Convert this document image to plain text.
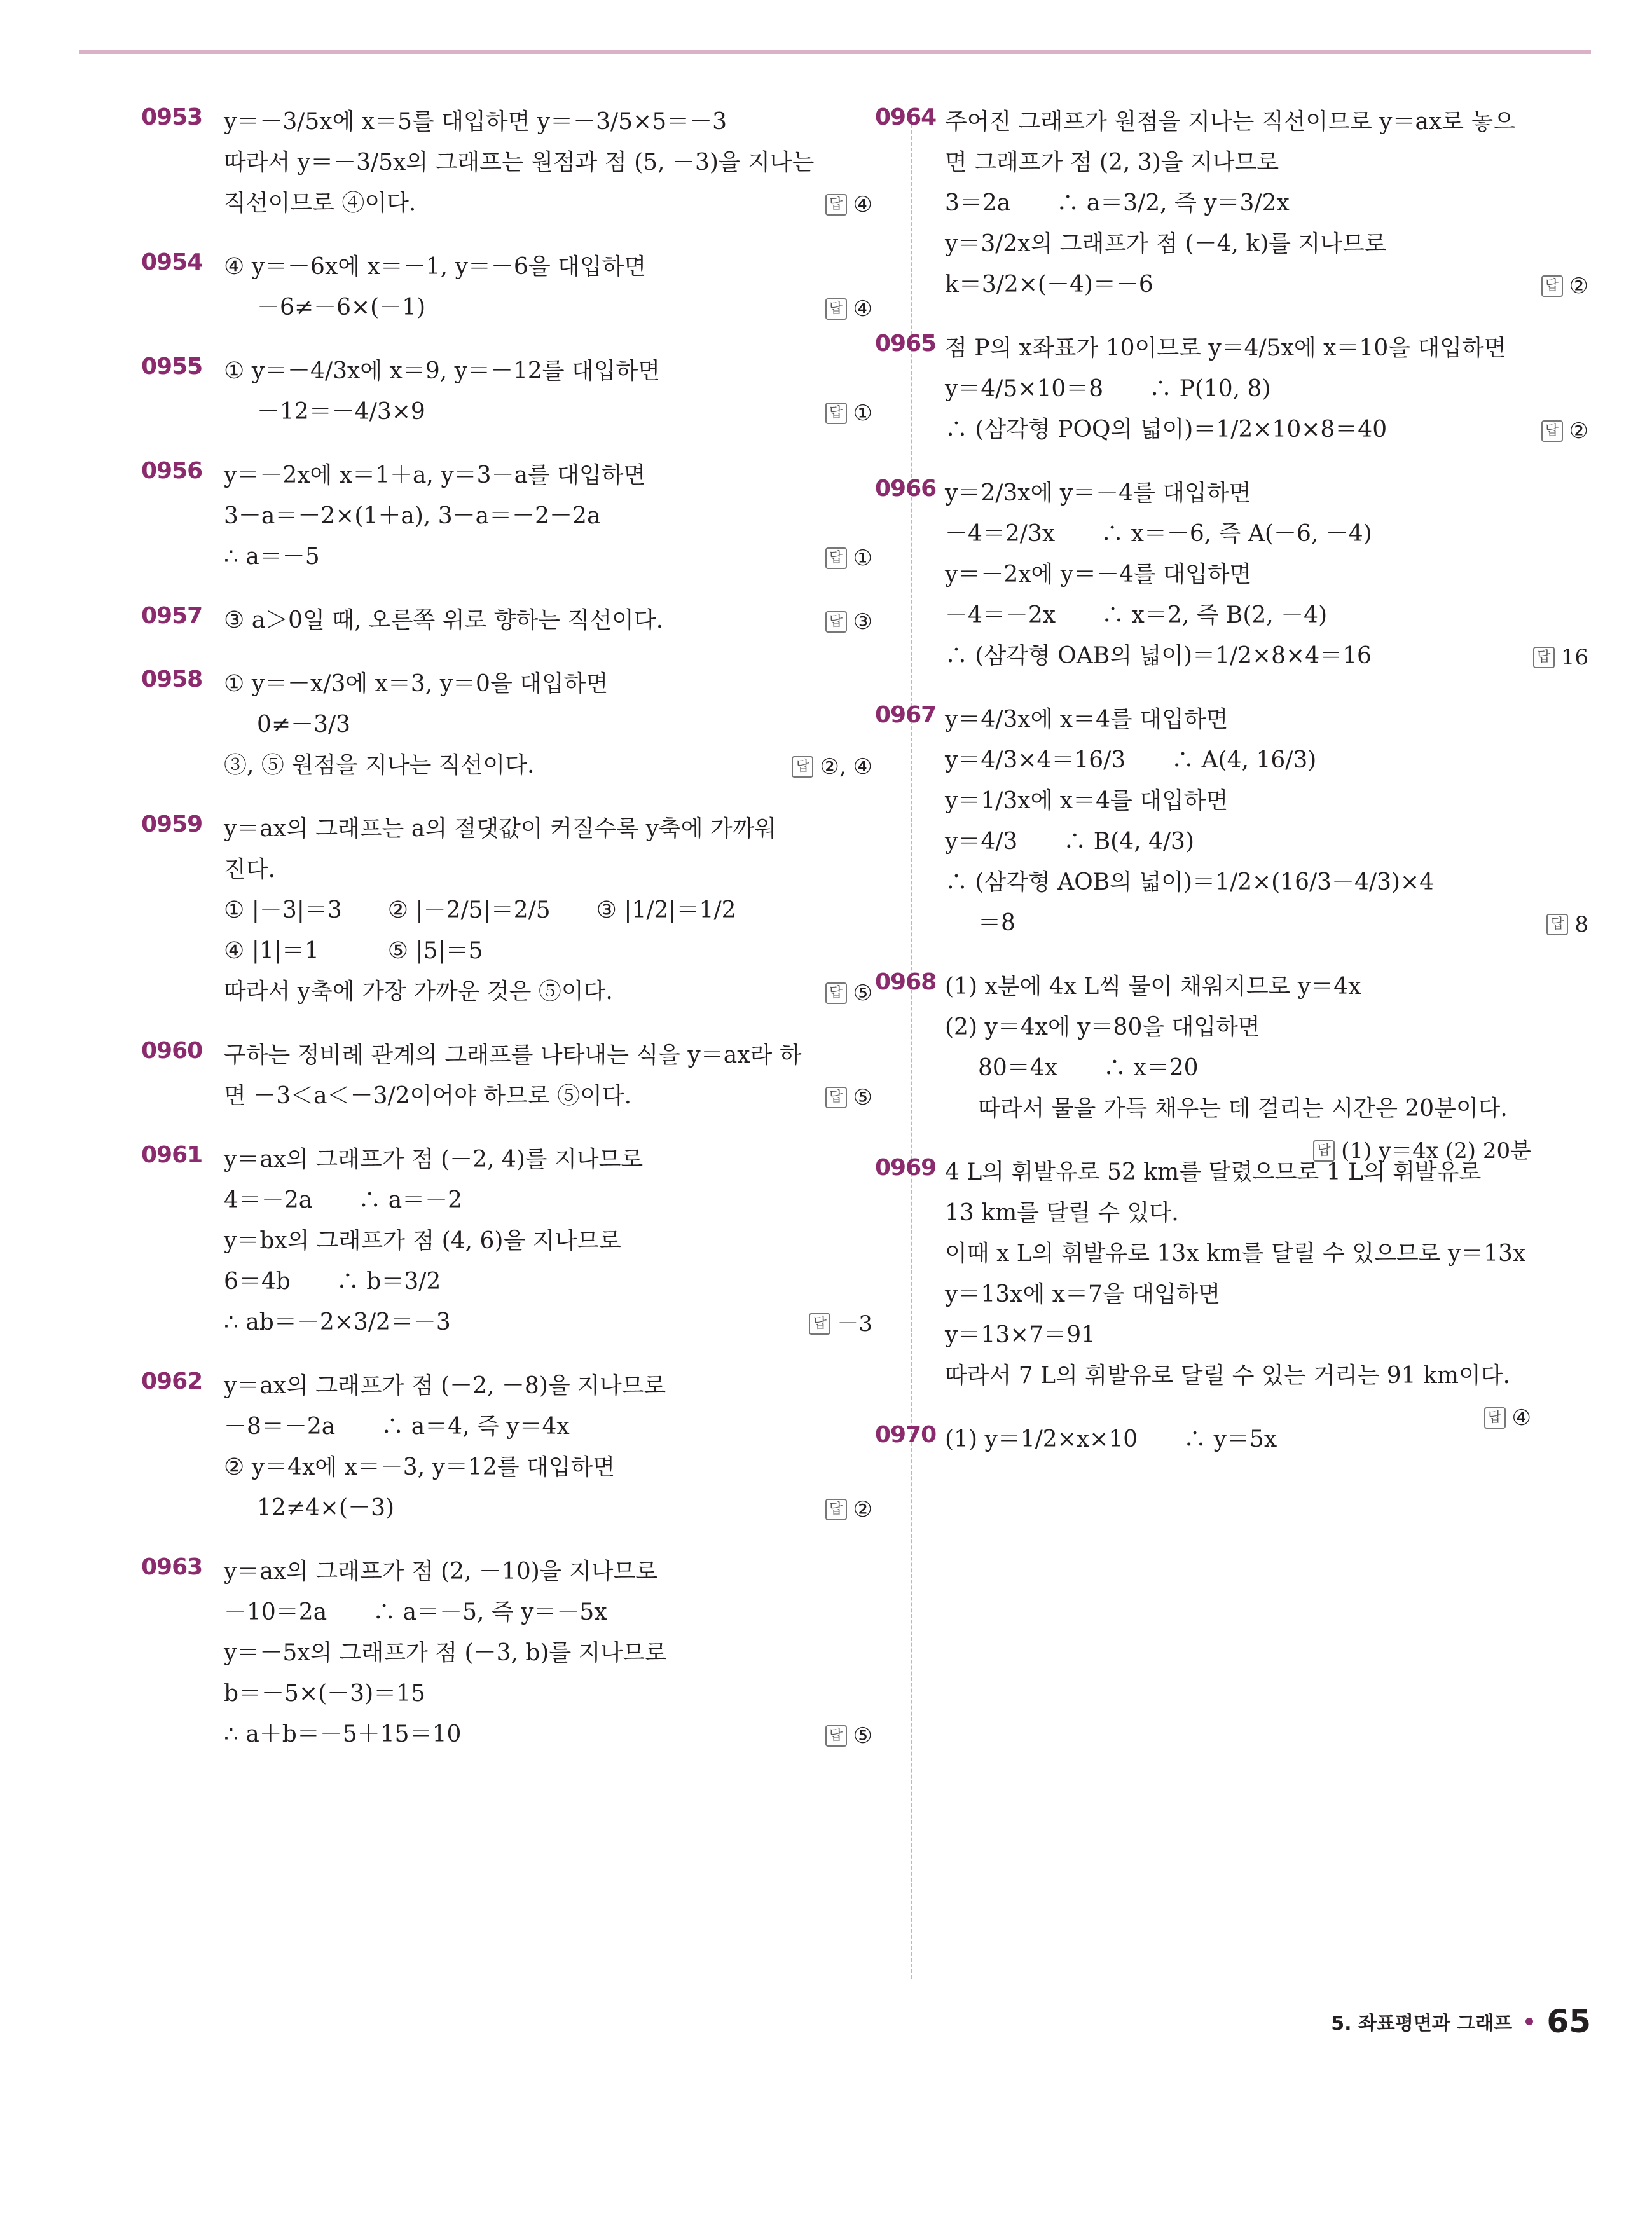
0953 y＝－3/5x에 x＝5를 대입하면 y＝－3/5×5＝－3
따라서 y＝－3/5x의 그래프는 원점과 점 (5, －3)을 지나는
직선이므로 ④이다.	답 ④
0954 ④ y＝－6x에 x＝－1, y＝－6을 대입하면
－6≠－6×(－1)	답 ④
0955 ① y＝－4/3x에 x＝9, y＝－12를 대입하면
－12＝－4/3×9	답 ①
0956 y＝－2x에 x＝1＋a, y＝3－a를 대입하면
3－a＝－2×(1＋a), 3－a＝－2－2a
∴ a＝－5	답 ①
0957 ③ a＞0일 때, 오른쪽 위로 향하는 직선이다.	답 ③
0958 ① y＝－x/3에 x＝3, y＝0을 대입하면
0≠－3/3
③, ⑤ 원점을 지나는 직선이다.	답 ②, ④
0959 y＝ax의 그래프는 a의 절댓값이 커질수록 y축에 가까워
진다.
① |－3|＝3　　② |－2/5|＝2/5　　③ |1/2|＝1/2
④ |1|＝1　　　⑤ |5|＝5
따라서 y축에 가장 가까운 것은 ⑤이다.	답 ⑤
0960 구하는 정비례 관계의 그래프를 나타내는 식을 y＝ax라 하
면 －3＜a＜－3/2이어야 하므로 ⑤이다.	답 ⑤
0961 y＝ax의 그래프가 점 (－2, 4)를 지나므로
4＝－2a　　∴ a＝－2
y＝bx의 그래프가 점 (4, 6)을 지나므로
6＝4b　　∴ b＝3/2
∴ ab＝－2×3/2＝－3	답 －3
0962 y＝ax의 그래프가 점 (－2, －8)을 지나므로
－8＝－2a　　∴ a＝4, 즉 y＝4x
② y＝4x에 x＝－3, y＝12를 대입하면
12≠4×(－3)	답 ②
0963 y＝ax의 그래프가 점 (2, －10)을 지나므로
－10＝2a　　∴ a＝－5, 즉 y＝－5x
y＝－5x의 그래프가 점 (－3, b)를 지나므로
b＝－5×(－3)＝15
∴ a＋b＝－5＋15＝10	답 ⑤
0964 주어진 그래프가 원점을 지나는 직선이므로 y＝ax로 놓으
면 그래프가 점 (2, 3)을 지나므로
3＝2a　　∴ a＝3/2, 즉 y＝3/2x
y＝3/2x의 그래프가 점 (－4, k)를 지나므로
k＝3/2×(－4)＝－6	답 ②
0965 점 P의 x좌표가 10이므로 y＝4/5x에 x＝10을 대입하면
y＝4/5×10＝8　　∴ P(10, 8)
∴ (삼각형 POQ의 넓이)＝1/2×10×8＝40	답 ②
0966 y＝2/3x에 y＝－4를 대입하면
－4＝2/3x　　∴ x＝－6, 즉 A(－6, －4)
y＝－2x에 y＝－4를 대입하면
－4＝－2x　　∴ x＝2, 즉 B(2, －4)
∴ (삼각형 OAB의 넓이)＝1/2×8×4＝16	답 16
0967 y＝4/3x에 x＝4를 대입하면
y＝4/3×4＝16/3　　∴ A(4, 16/3)
y＝1/3x에 x＝4를 대입하면
y＝4/3　　∴ B(4, 4/3)
∴ (삼각형 AOB의 넓이)＝1/2×(16/3－4/3)×4
＝8	답 8
0968 (1) x분에 4x L씩 물이 채워지므로 y＝4x
(2) y＝4x에 y＝80을 대입하면
80＝4x　　∴ x＝20
따라서 물을 가득 채우는 데 걸리는 시간은 20분이다.
답 (1) y＝4x (2) 20분
0969 4 L의 휘발유로 52 km를 달렸으므로 1 L의 휘발유로
13 km를 달릴 수 있다.
이때 x L의 휘발유로 13x km를 달릴 수 있으므로 y＝13x
y＝13x에 x＝7을 대입하면
y＝13×7＝91
따라서 7 L의 휘발유로 달릴 수 있는 거리는 91 km이다.
답 ④
0970 (1) y＝1/2×x×10　　∴ y＝5x
5. 좌표평면과 그래프 65
